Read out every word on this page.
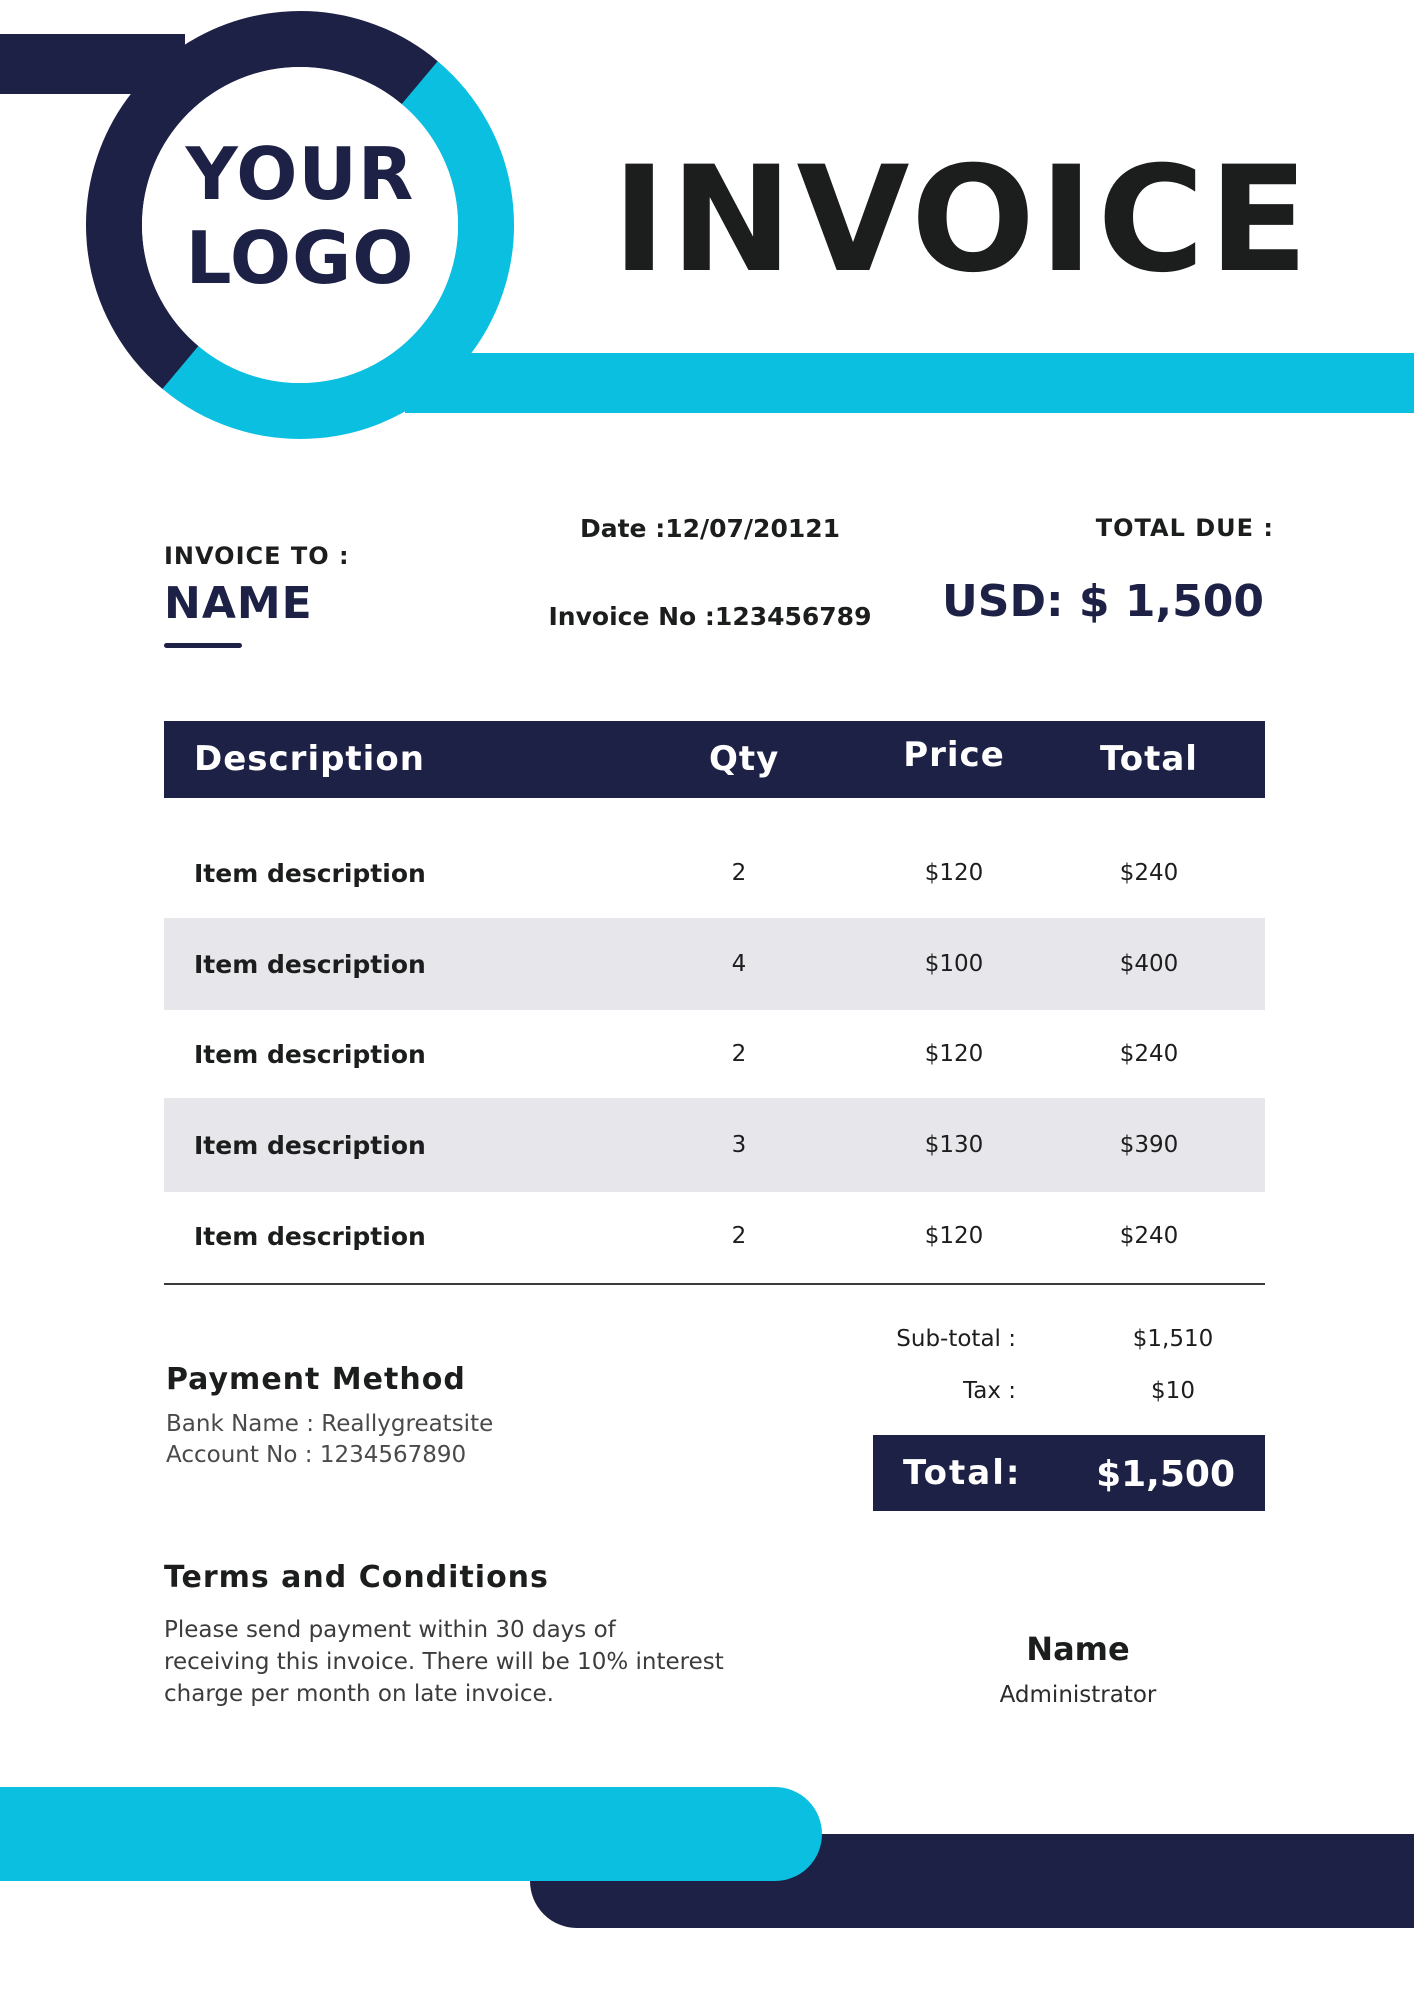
YOUR
LOGO INVOICE
INVOICE TO :
NAME
Date :12/07/20121
Invoice No :123456789
TOTAL DUE :
USD: $ 1,500
Description	Qty	Price	Total
Item description	2	$120	$240
Item description	4	$100	$400
Item description	2	$120	$240
Item description	3	$130	$390
Item description	2	$120	$240
Sub-total :	$1,510
Tax :	$10
Total: $1,500
Payment Method
Bank Name : Reallygreatsite
Account No : 1234567890
Terms and Conditions
Please send payment within 30 days of receiving this invoice. There will be 10% interest charge per month on late invoice.
Name
Administrator
